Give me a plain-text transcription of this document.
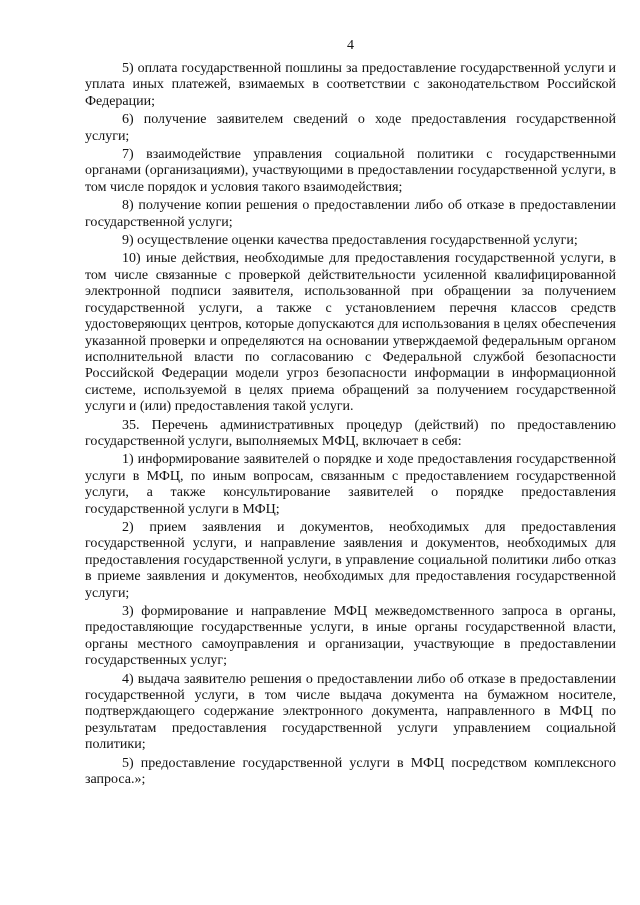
4

5) оплата государственной пошлины за предоставление государственной услуги и уплата иных платежей, взимаемых в соответствии с законодательством Российской Федерации;

6) получение заявителем сведений о ходе предоставления государственной услуги;

7) взаимодействие управления социальной политики с государственными органами (организациями), участвующими в предоставлении государственной услуги, в том числе порядок и условия такого взаимодействия;

8) получение копии решения о предоставлении либо об отказе в предоставлении государственной услуги;

9) осуществление оценки качества предоставления государственной услуги;

10) иные действия, необходимые для предоставления государственной услуги, в том числе связанные с проверкой действительности усиленной квалифицированной электронной подписи заявителя, использованной при обращении за получением государственной услуги, а также с установлением перечня классов средств удостоверяющих центров, которые допускаются для использования в целях обеспечения указанной проверки и определяются на основании утверждаемой федеральным органом исполнительной власти по согласованию с Федеральной службой безопасности Российской Федерации модели угроз безопасности информации в информационной системе, используемой в целях приема обращений за получением государственной услуги и (или) предоставления такой услуги.

35. Перечень административных процедур (действий) по предоставлению государственной услуги, выполняемых МФЦ, включает в себя:

1) информирование заявителей о порядке и ходе предоставления государственной услуги в МФЦ, по иным вопросам, связанным с предоставлением государственной услуги, а также консультирование заявителей о порядке предоставления государственной услуги в МФЦ;

2) прием заявления и документов, необходимых для предоставления государственной услуги, и направление заявления и документов, необходимых для предоставления государственной услуги, в управление социальной политики либо отказ в приеме заявления и документов, необходимых для предоставления государственной услуги;

3) формирование и направление МФЦ межведомственного запроса в органы, предоставляющие государственные услуги, в иные органы государственной власти, органы местного самоуправления и организации, участвующие в предоставлении государственных услуг;

4) выдача заявителю решения о предоставлении либо об отказе в предоставлении государственной услуги, в том числе выдача документа на бумажном носителе, подтверждающего содержание электронного документа, направленного в МФЦ по результатам предоставления государственной услуги управлением социальной политики;

5) предоставление государственной услуги в МФЦ посредством комплексного запроса.»;
